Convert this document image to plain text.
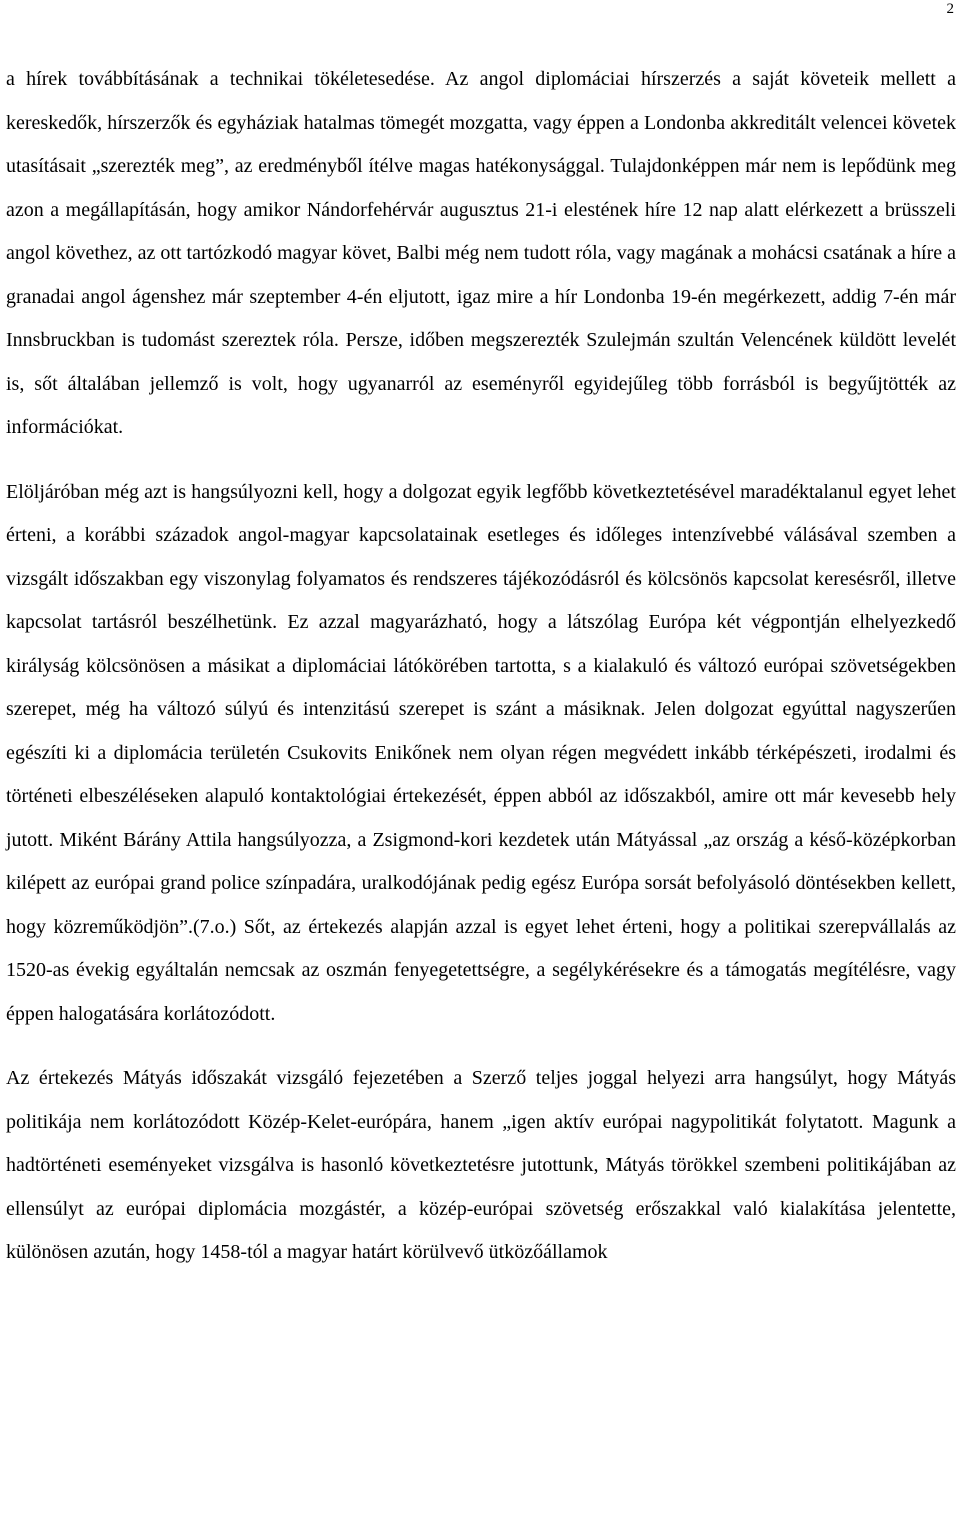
2

a hírek továbbításának a technikai tökéletesedése. Az angol diplomáciai hírszerzés a saját követeik mellett a kereskedők, hírszerzők és egyháziak hatalmas tömegét mozgatta, vagy éppen a Londonba akkreditált velencei követek utasításait „szerezték meg”, az eredményből ítélve magas hatékonysággal. Tulajdonképpen már nem is lepődünk meg azon a megállapításán, hogy amikor Nándorfehérvár augusztus 21-i elestének híre 12 nap alatt elérkezett a brüsszeli angol követhez, az ott tartózkodó magyar követ, Balbi még nem tudott róla, vagy magának a mohácsi csatának a híre a granadai angol ágenshez már szeptember 4-én eljutott, igaz mire a hír Londonba 19-én megérkezett, addig 7-én már Innsbruckban is tudomást szereztek róla. Persze, időben megszerezték Szulejmán szultán Velencének küldött levelét is, sőt általában jellemző is volt, hogy ugyanarról az eseményről egyidejűleg több forrásból is begyűjtötték az információkat.

Elöljáróban még azt is hangsúlyozni kell, hogy a dolgozat egyik legfőbb következtetésével maradéktalanul egyet lehet érteni, a korábbi századok angol-magyar kapcsolatainak esetleges és időleges intenzívebbé válásával szemben a vizsgált időszakban egy viszonylag folyamatos és rendszeres tájékozódásról és kölcsönös kapcsolat keresésről, illetve kapcsolat tartásról beszélhetünk. Ez azzal magyarázható, hogy a látszólag Európa két végpontján elhelyezkedő királyság kölcsönösen a másikat a diplomáciai látókörében tartotta, s a kialakuló és változó európai szövetségekben szerepet, még ha változó súlyú és intenzitású szerepet is szánt a másiknak. Jelen dolgozat egyúttal nagyszerűen egészíti ki a diplomácia területén Csukovits Enikőnek nem olyan régen megvédett inkább térképészeti, irodalmi és történeti elbeszéléseken alapuló kontaktológiai értekezését, éppen abból az időszakból, amire ott már kevesebb hely jutott. Miként Bárány Attila hangsúlyozza, a Zsigmond-kori kezdetek után Mátyással „az ország a késő-középkorban kilépett az európai grand police színpadára, uralkodójának pedig egész Európa sorsát befolyásoló döntésekben kellett, hogy közreműködjön”.(7.o.) Sőt, az értekezés alapján azzal is egyet lehet érteni, hogy a politikai szerepvállalás az 1520-as évekig egyáltalán nemcsak az oszmán fenyegetettségre, a segélykérésekre és a támogatás megítélésre, vagy éppen halogatására korlátozódott.

Az értekezés Mátyás időszakát vizsgáló fejezetében a Szerző teljes joggal helyezi arra hangsúlyt, hogy Mátyás politikája nem korlátozódott Közép-Kelet-európára, hanem „igen aktív európai nagypolitikát folytatott. Magunk a hadtörténeti eseményeket vizsgálva is hasonló következtetésre jutottunk, Mátyás törökkel szembeni politikájában az ellensúlyt az európai diplomácia mozgástér, a közép-európai szövetség erőszakkal való kialakítása jelentette, különösen azután, hogy 1458-tól a magyar határt körülvevő ütközőállamok
